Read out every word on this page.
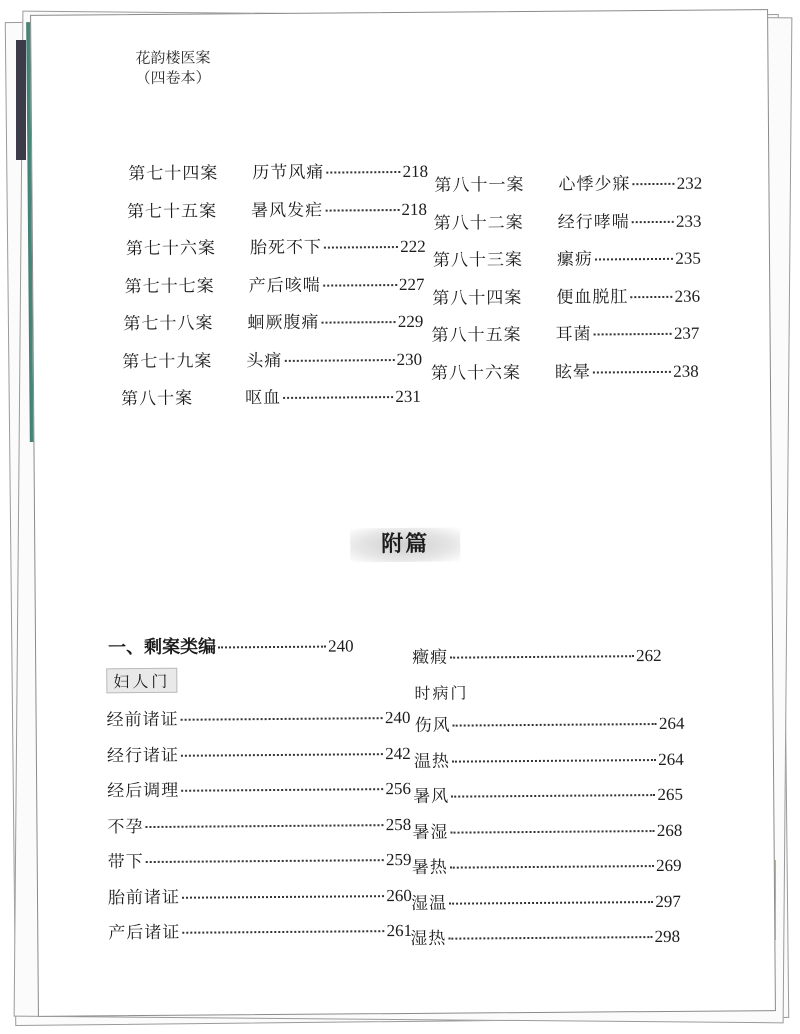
花韵楼医案
（四卷本）
第七十四案	历节风痛	218
第七十五案	暑风发疟	218
第七十六案	胎死不下	222
第七十七案	产后咳喘	227
第七十八案	蛔厥腹痛	229
第七十九案	头痛	230
第八十案	呕血	231
第八十一案	心悸少寐	232
第八十二案	经行哮喘	233
第八十三案	瘰疬	235
第八十四案	便血脱肛	236
第八十五案	耳菌	237
第八十六案	眩晕	238
附篇
一、剩案类编	240
妇人门
经前诸证	240
经行诸证	242
经后调理	256
不孕	258
带下	259
胎前诸证	260
产后诸证	261
癥瘕	262
时病门
伤风	264
温热	264
暑风	265
暑湿	268
暑热	269
湿温	297
湿热	298
